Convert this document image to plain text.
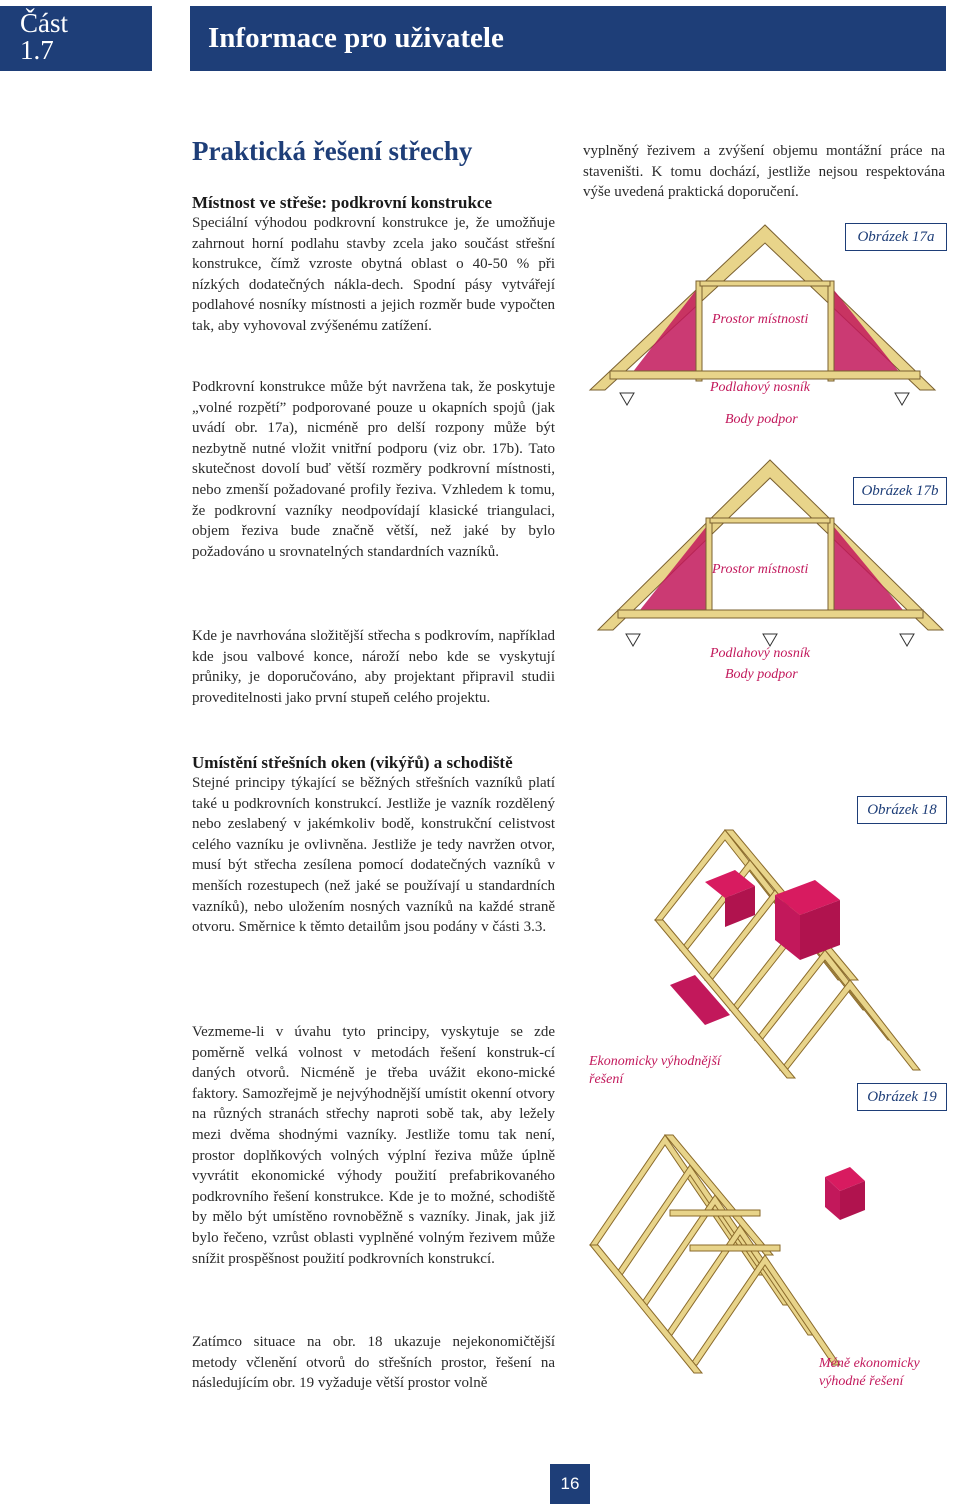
Část
1.7	Informace pro uživatele
Praktická řešení střechy
Místnost ve střeše: podkrovní konstrukce

Speciální výhodou podkrovní konstrukce je, že umožňuje zahrnout horní podlahu stavby zcela jako součást střešní konstrukce, čímž vzroste obytná oblast o 40-50 % při nízkých dodatečných nákla-dech. Spodní pásy vytvářejí podlahové nosníky místnosti a jejich rozměr bude vypočten tak, aby vyhovoval zvýšenému zatížení.

Podkrovní konstrukce může být navržena tak, že poskytuje „volné rozpětí” podporované pouze u okapních spojů (jak uvádí obr. 17a), nicméně pro delší rozpony může být nezbytně nutné vložit vnitřní podporu (viz obr. 17b). Tato skutečnost dovolí buď větší rozměry podkrovní místnosti, nebo zmenší požadované profily řeziva. Vzhledem k tomu, že podkrovní vazníky neodpovídají klasické triangulaci, objem řeziva bude značně větší, než jaké by bylo požadováno u srovnatelných standardních vazníků.
Kde je navrhována složitější střecha s podkrovím, například kde jsou valbové konce, nároží nebo kde se vyskytují průniky, je doporučováno, aby projektant připravil studii proveditelnosti jako první stupeň celého projektu.
Umístění střešních oken (vikýřů) a schodiště

Stejné principy týkající se běžných střešních vazníků platí také u podkrovních konstrukcí. Jestliže je vazník rozdělený nebo zeslabený v jakémkoliv bodě, konstrukční celistvost celého vazníku je ovlivněna. Jestliže je tedy navržen otvor, musí být střecha zesílena pomocí dodatečných vazníků v menších rozestupech (než jaké se používají u standardních vazníků), nebo uložením nosných vazníků na každé straně otvoru. Směrnice k těmto detailům jsou podány v části 3.3.

Vezmeme-li v úvahu tyto principy, vyskytuje se zde poměrně velká volnost v metodách řešení konstruk-cí daných otvorů. Nicméně je třeba uvážit ekono-mické faktory. Samozřejmě je nejvýhodnější umístit okenní otvory na různých stranách střechy naproti sobě tak, aby ležely mezi dvěma shodnými vazníky. Jestliže tomu tak není, prostor doplňkových volných výplní řeziva může úplně vyvrátit ekonomické výhody použití prefabrikovaného podkrovního řešení konstrukce. Kde je to možné, schodiště by mělo být umístěno rovnoběžně s vazníky. Jinak, jak již bylo řečeno, vzrůst oblasti vyplněné volným řezivem může snížit prospěšnost použití podkrovních konstrukcí.
Zatímco situace na obr. 18 ukazuje nejekonomičtější metody včlenění otvorů do střešních prostor, řešení na následujícím obr. 19 vyžaduje větší prostor volně
vyplněný řezivem a zvýšení objemu montážní práce na staveništi. K tomu dochází, jestliže nejsou respektována výše uvedená praktická doporučení.
Obrázek 17a
Prostor místnosti
Podlahový nosník
Body podpor
Obrázek 17b
Prostor místnosti
Podlahový nosník
Body podpor
Obrázek 18
Ekonomicky výhodnější řešení
Obrázek 19
Méně ekonomicky výhodné řešení
16
